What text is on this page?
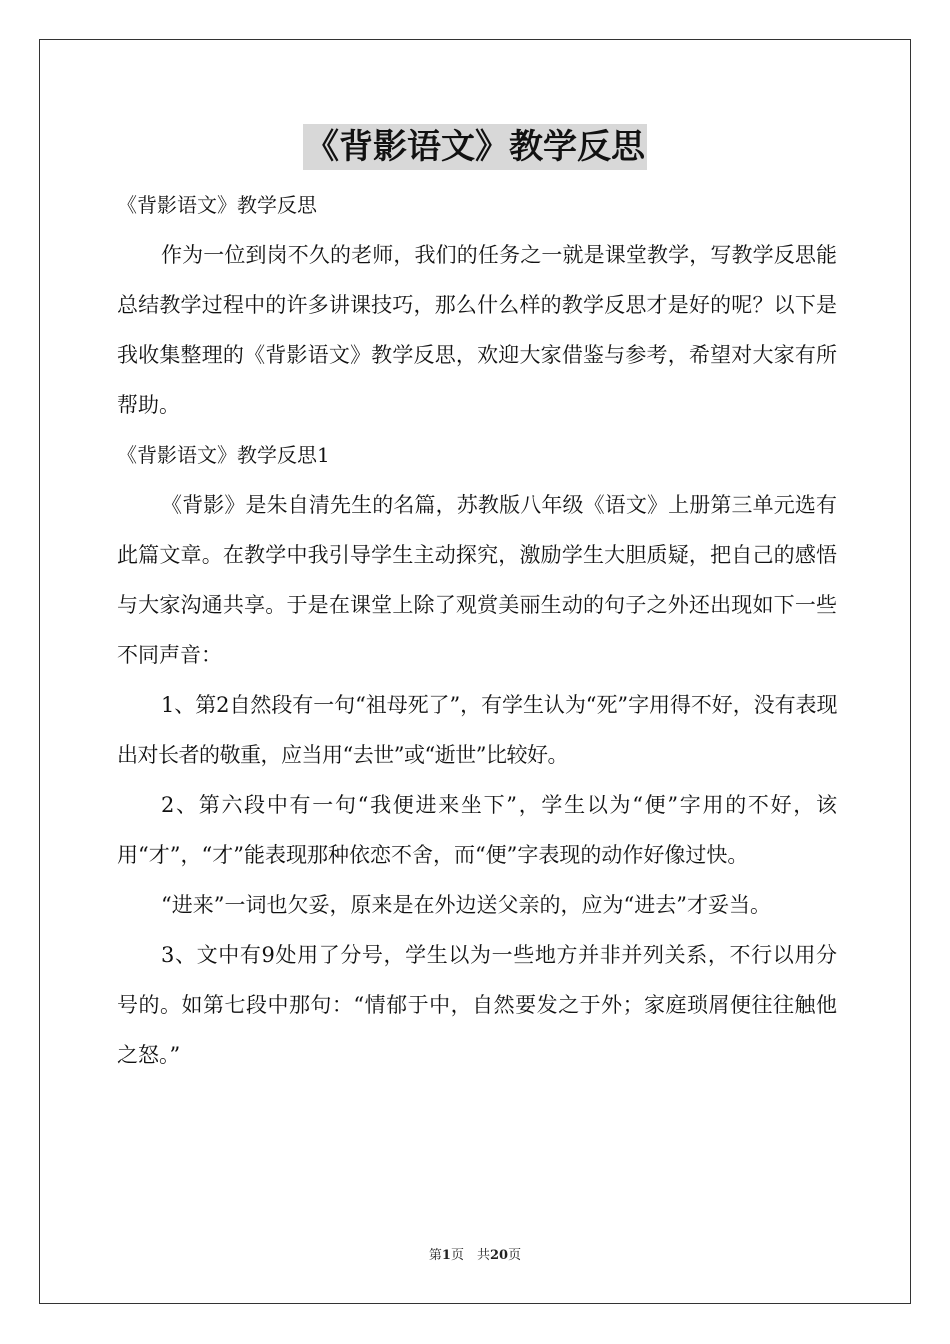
《背影语文》教学反思

《背影语文》教学反思

作为一位到岗不久的老师，我们的任务之一就是课堂教学，写教学反思能总结教学过程中的许多讲课技巧，那么什么样的教学反思才是好的呢？以下是我收集整理的《背影语文》教学反思，欢迎大家借鉴与参考，希望对大家有所帮助。

《背影语文》教学反思1

《背影》是朱自清先生的名篇，苏教版八年级《语文》上册第三单元选有此篇文章。在教学中我引导学生主动探究，激励学生大胆质疑，把自己的感悟与大家沟通共享。于是在课堂上除了观赏美丽生动的句子之外还出现如下一些不同声音：

1、第2自然段有一句“祖母死了”，有学生认为“死”字用得不好，没有表现出对长者的敬重，应当用“去世”或“逝世”比较好。

2、第六段中有一句“我便进来坐下”，学生以为“便”字用的不好，该用“才”，“才”能表现那种依恋不舍，而“便”字表现的动作好像过快。

“进来”一词也欠妥，原来是在外边送父亲的，应为“进去”才妥当。

3、文中有9处用了分号，学生以为一些地方并非并列关系，不行以用分号的。如第七段中那句：“情郁于中，自然要发之于外；家庭琐屑便往往触他之怒。”

第1页　共20页
